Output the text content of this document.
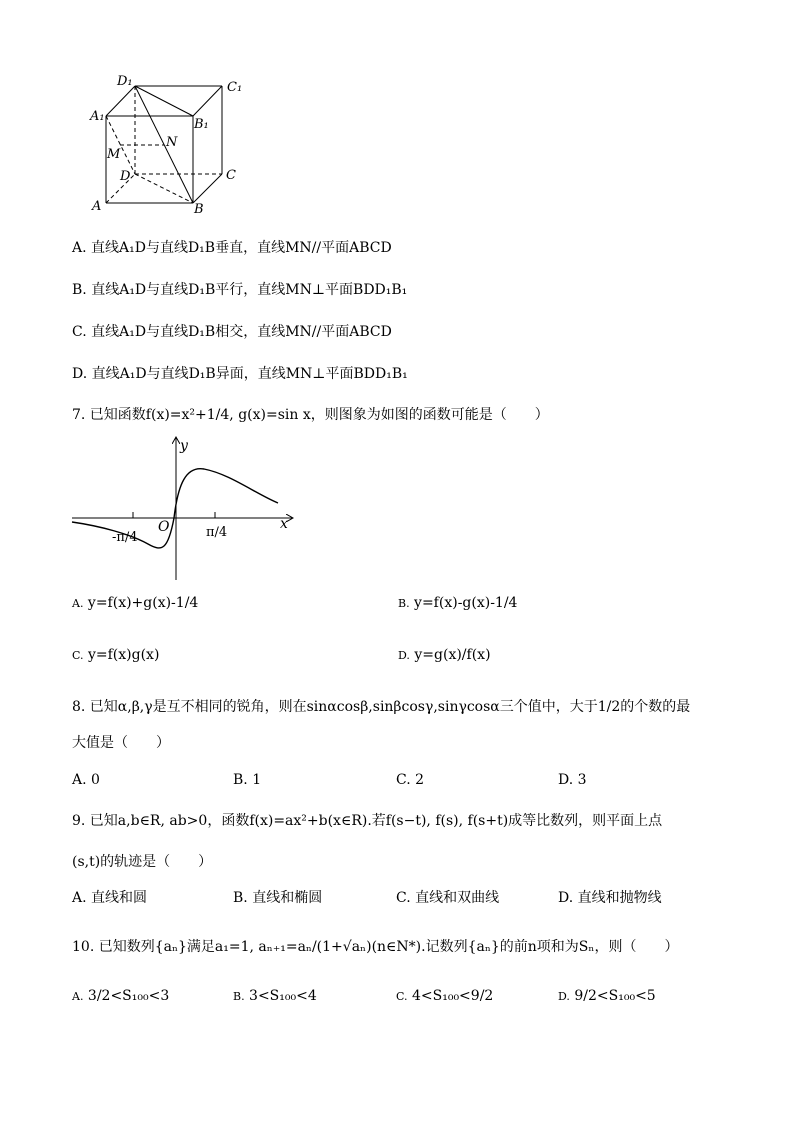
D₁	C₁
A₁
B₁
N
M
D	C
A	B
A. 直线A₁D与直线D₁B垂直，直线MN//平面ABCD
B. 直线A₁D与直线D₁B平行，直线MN⊥平面BDD₁B₁
C. 直线A₁D与直线D₁B相交，直线MN//平面ABCD
D. 直线A₁D与直线D₁B异面，直线MN⊥平面BDD₁B₁
7. 已知函数f(x)=x²+1/4, g(x)=sin x，则图象为如图的函数可能是（　　）
y
x
O
-π/4	π/4
A. y=f(x)+g(x)-1/4	B. y=f(x)-g(x)-1/4
C. y=f(x)g(x)	D. y=g(x)/f(x)
8. 已知α,β,γ是互不相同的锐角，则在sinαcosβ,sinβcosγ,sinγcosα三个值中，大于1/2的个数的最
大值是（　　）
A. 0	B. 1	C. 2	D. 3
9. 已知a,b∈R, ab>0，函数f(x)=ax²+b(x∈R).若f(s−t), f(s), f(s+t)成等比数列，则平面上点
(s,t)的轨迹是（　　）
A. 直线和圆	B. 直线和椭圆	C. 直线和双曲线	D. 直线和抛物线
10. 已知数列{aₙ}满足a₁=1, aₙ₊₁=aₙ/(1+√aₙ)(n∈N*).记数列{aₙ}的前n项和为Sₙ，则（　　）
A. 3/2<S₁₀₀<3	B. 3<S₁₀₀<4	C. 4<S₁₀₀<9/2	D. 9/2<S₁₀₀<5
